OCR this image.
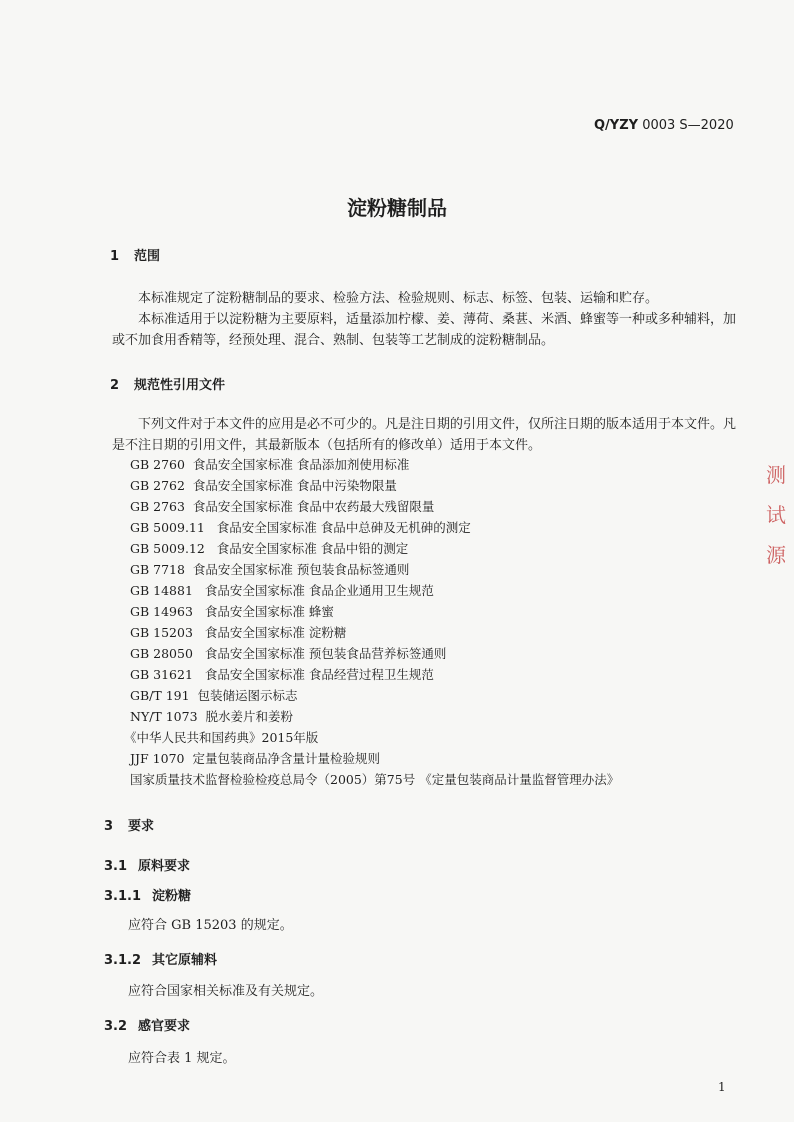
Q/YZY 0003 S—2020
淀粉糖制品
1 范围
本标准规定了淀粉糖制品的要求、检验方法、检验规则、标志、标签、包装、运输和贮存。
本标准适用于以淀粉糖为主要原料，适量添加柠檬、姜、薄荷、桑葚、米酒、蜂蜜等一种或多种辅料，加或不加食用香精等，经预处理、混合、熟制、包装等工艺制成的淀粉糖制品。
2 规范性引用文件
下列文件对于本文件的应用是必不可少的。凡是注日期的引用文件，仅所注日期的版本适用于本文件。凡是不注日期的引用文件，其最新版本（包括所有的修改单）适用于本文件。
GB 2760 食品安全国家标准 食品添加剂使用标准
GB 2762 食品安全国家标准 食品中污染物限量
GB 2763 食品安全国家标准 食品中农药最大残留限量
GB 5009.11 食品安全国家标准 食品中总砷及无机砷的测定
GB 5009.12 食品安全国家标准 食品中铅的测定
GB 7718 食品安全国家标准 预包装食品标签通则
GB 14881 食品安全国家标准 食品企业通用卫生规范
GB 14963 食品安全国家标准 蜂蜜
GB 15203 食品安全国家标准 淀粉糖
GB 28050 食品安全国家标准 预包装食品营养标签通则
GB 31621 食品安全国家标准 食品经营过程卫生规范
GB/T 191 包装储运图示标志
NY/T 1073 脱水姜片和姜粉
《中华人民共和国药典》2015年版
JJF 1070 定量包装商品净含量计量检验规则
国家质量技术监督检验检疫总局令（2005）第75号 《定量包装商品计量监督管理办法》
3 要求
3.1 原料要求
3.1.1 淀粉糖
应符合 GB 15203 的规定。
3.1.2 其它原辅料
应符合国家相关标准及有关规定。
3.2 感官要求
应符合表 1 规定。
1
测
试
源
